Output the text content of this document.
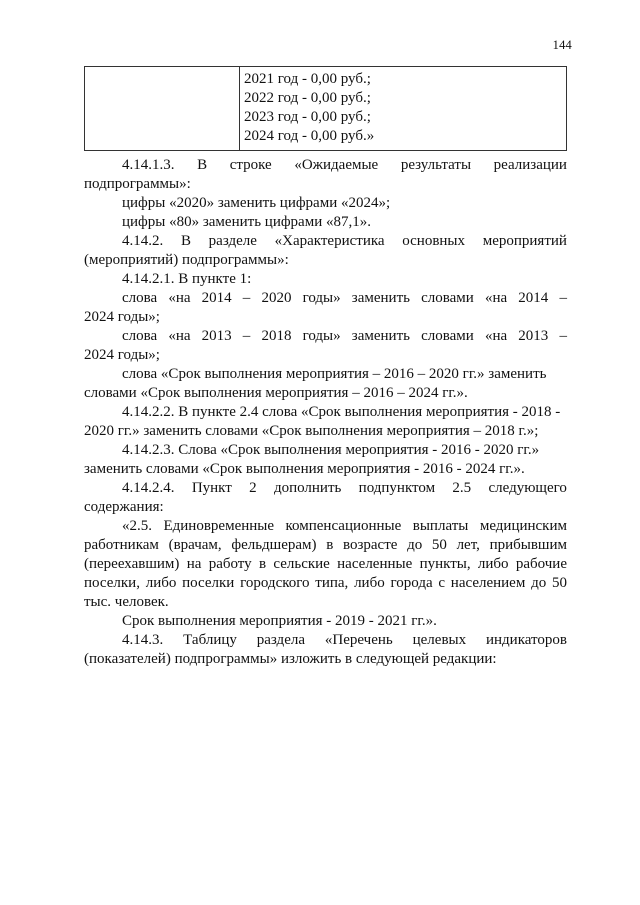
144

2021 год - 0,00 руб.;
2022 год - 0,00 руб.;
2023 год - 0,00 руб.;
2024 год - 0,00 руб.»
4.14.1.3. В строке «Ожидаемые результаты реализации
подпрограммы»:
цифры «2020» заменить цифрами «2024»;
цифры «80» заменить цифрами «87,1».
4.14.2. В разделе «Характеристика основных мероприятий
(мероприятий) подпрограммы»:
4.14.2.1. В пункте 1:
слова «на 2014 – 2020 годы» заменить словами «на 2014 –
2024 годы»;
слова «на 2013 – 2018 годы» заменить словами «на 2013 –
2024 годы»;
слова «Срок выполнения мероприятия – 2016 – 2020 гг.» заменить
словами «Срок выполнения мероприятия – 2016 – 2024 гг.».
4.14.2.2. В пункте 2.4 слова «Срок выполнения мероприятия - 2018 -
2020 гг.» заменить словами «Срок выполнения мероприятия – 2018 г.»;
4.14.2.3. Слова «Срок выполнения мероприятия - 2016 - 2020 гг.»
заменить словами «Срок выполнения мероприятия - 2016 - 2024 гг.».
4.14.2.4. Пункт 2 дополнить подпунктом 2.5 следующего
содержания:
«2.5. Единовременные компенсационные выплаты медицинским
работникам (врачам, фельдшерам) в возрасте до 50 лет, прибывшим
(переехавшим) на работу в сельские населенные пункты, либо рабочие
поселки, либо поселки городского типа, либо города с населением до 50
тыс. человек.
Срок выполнения мероприятия - 2019 - 2021 гг.».
4.14.3. Таблицу раздела «Перечень целевых индикаторов
(показателей) подпрограммы» изложить в следующей редакции:
